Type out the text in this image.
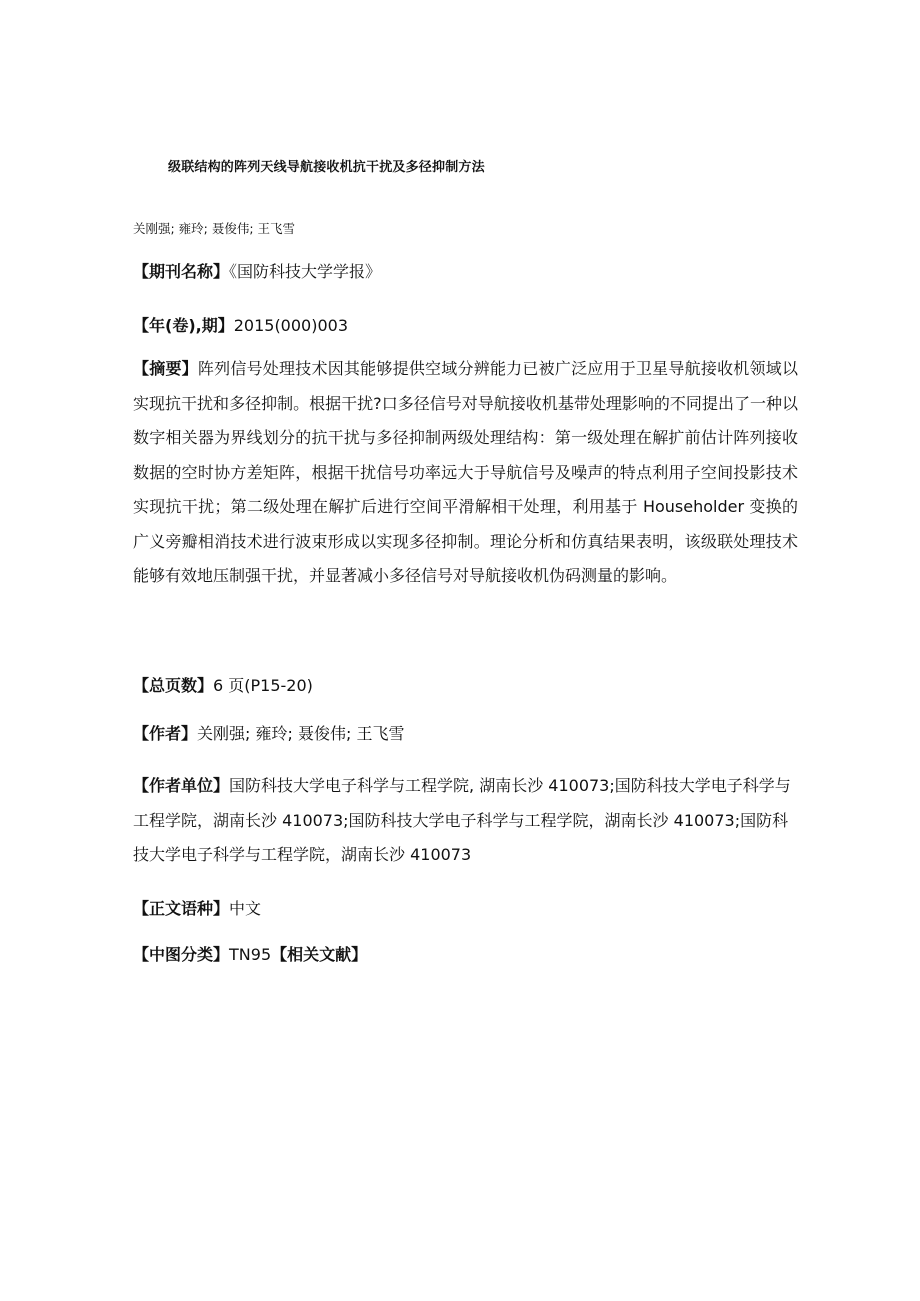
级联结构的阵列天线导航接收机抗干扰及多径抑制方法
关刚强; 雍玲; 聂俊伟; 王飞雪

【期刊名称】《国防科技大学学报》

【年(卷),期】2015(000)003

【摘要】阵列信号处理技术因其能够提供空域分辨能力已被广泛应用于卫星导航接收机领域以实现抗干扰和多径抑制。根据干扰?口多径信号对导航接收机基带处理影响的不同提出了一种以数字相关器为界线划分的抗干扰与多径抑制两级处理结构：第一级处理在解扩前估计阵列接收数据的空时协方差矩阵，根据干扰信号功率远大于导航信号及噪声的特点利用子空间投影技术实现抗干扰；第二级处理在解扩后进行空间平滑解相干处理，利用基于 Householder 变换的广义旁瓣相消技术进行波束形成以实现多径抑制。理论分析和仿真结果表明，该级联处理技术能够有效地压制强干扰，并显著减小多径信号对导航接收机伪码测量的影响。

【总页数】6 页(P15-20)

【作者】关刚强; 雍玲; 聂俊伟; 王飞雪

【作者单位】国防科技大学电子科学与工程学院, 湖南长沙 410073;国防科技大学电子科学与工程学院，湖南长沙 410073;国防科技大学电子科学与工程学院，湖南长沙 410073;国防科技大学电子科学与工程学院，湖南长沙 410073

【正文语种】中文

【中图分类】TN95【相关文献】
